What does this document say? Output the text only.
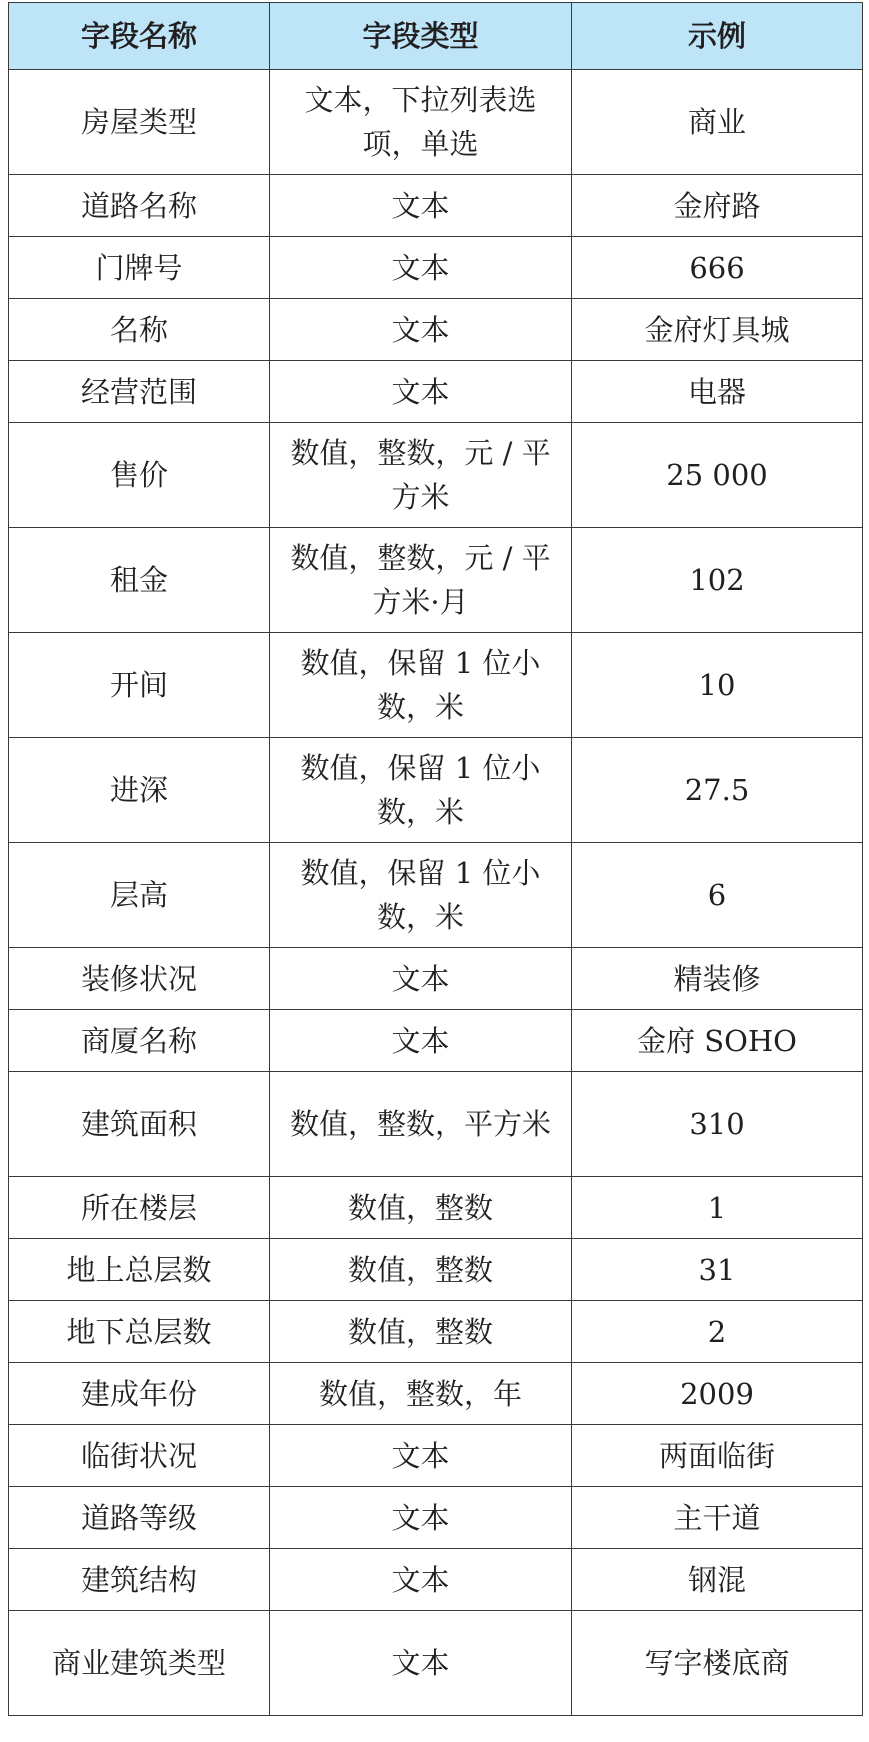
字段名称	字段类型	示例
房屋类型	文本，下拉列表选项，单选	商业
道路名称	文本	金府路
门牌号	文本	666
名称	文本	金府灯具城
经营范围	文本	电器
售价	数值，整数，元 / 平方米	25 000
租金	数值，整数，元 / 平方米·月	102
开间	数值，保留 1 位小数，米	10
进深	数值，保留 1 位小数，米	27.5
层高	数值，保留 1 位小数，米	6
装修状况	文本	精装修
商厦名称	文本	金府 SOHO
建筑面积	数值，整数，平方米	310
所在楼层	数值，整数	1
地上总层数	数值，整数	31
地下总层数	数值，整数	2
建成年份	数值，整数，年	2009
临街状况	文本	两面临街
道路等级	文本	主干道
建筑结构	文本	钢混
商业建筑类型	文本	写字楼底商
